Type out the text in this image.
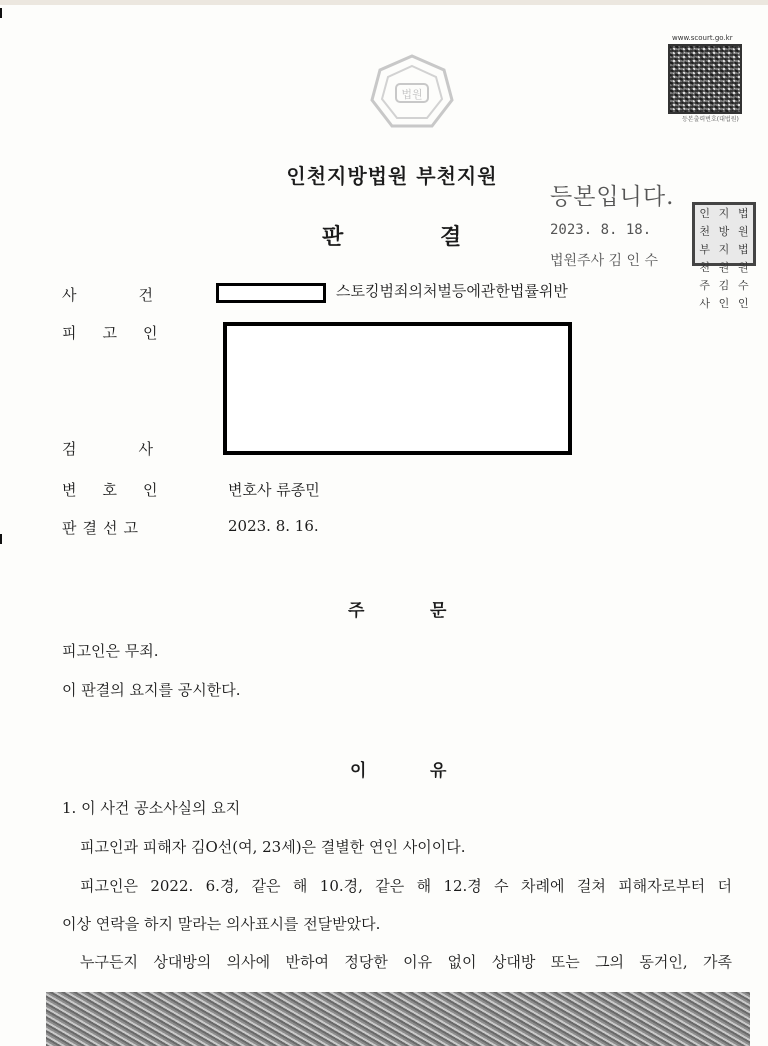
www.scourt.go.kr
등본출력번호(대법원)
법원
인천지방법원 부천지원
판	결
등본입니다.
2023. 8. 18.
법원주사 김 인 수
인천
지방
법원
부천
지원
법원
주사
김인
수인
사	건	스토킹범죄의처벌등에관한법률위반
피 고 인
검	사
변 호 인	변호사 류종민
판 결 선 고	2023. 8. 16.
주	문
피고인은 무죄.
이 판결의 요지를 공시한다.
이	유
1. 이 사건 공소사실의 요지
피고인과 피해자 김O선(여, 23세)은 결별한 연인 사이이다.
피고인은 2022. 6.경, 같은 해 10.경, 같은 해 12.경 수 차례에 걸쳐 피해자로부터 더
이상 연락을 하지 말라는 의사표시를 전달받았다.
누구든지 상대방의 의사에 반하여 정당한 이유 없이 상대방 또는 그의 동거인, 가족
